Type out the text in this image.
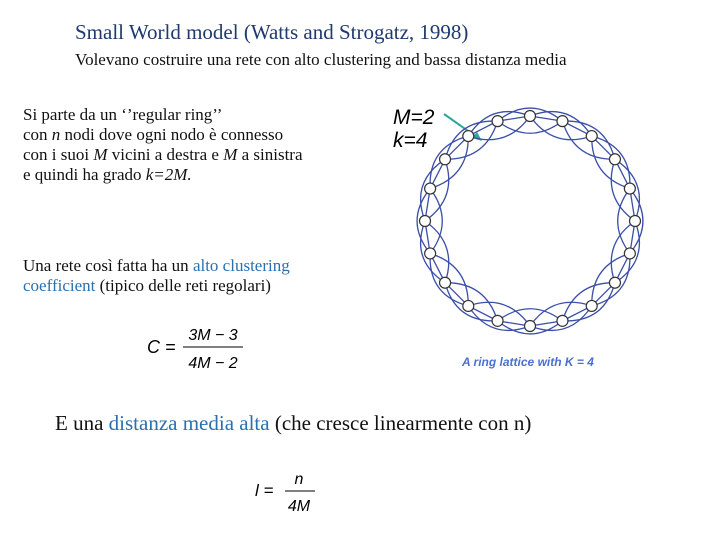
Small World model (Watts and Strogatz, 1998)
Volevano costruire una rete con alto clustering and bassa distanza media
Si parte da un ‘’regular ring’’
con n nodi dove ogni nodo è connesso
con i suoi M vicini a destra e M a sinistra
e quindi ha grado k=2M.
M=2
k=4
A ring lattice with K = 4
Una rete così fatta ha un alto clustering coefficient (tipico delle reti regolari)
C =
3M − 3
4M − 2
E una distanza media alta (che cresce linearmente con n)
l =
n
4M
